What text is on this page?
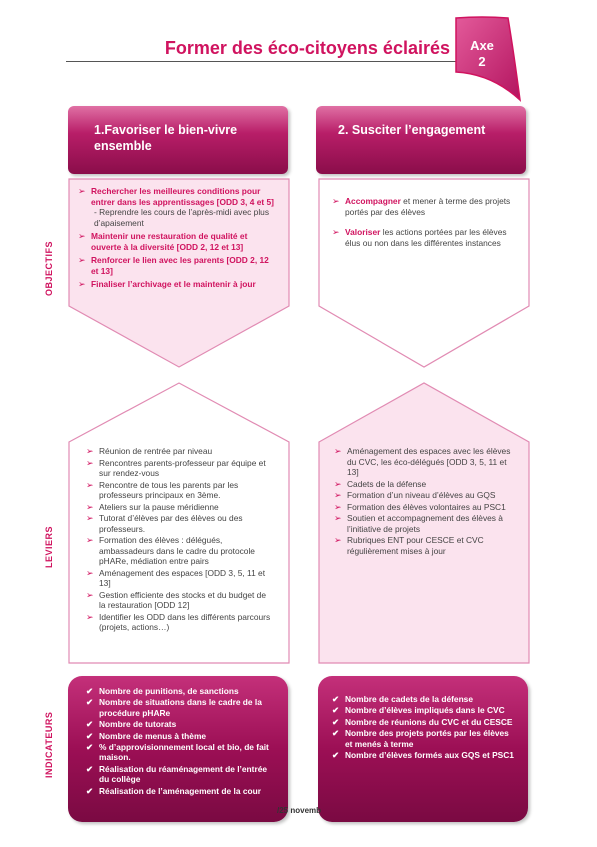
Former des éco-citoyens éclairés	Axe
2
1.Favoriser le bien-vivre ensemble
2. Susciter l’engagement
OBJECTIFS
LEVIERS
INDICATEURS
➢ Rechercher les meilleures conditions pour entrer dans les apprentissages [ODD 3, 4 et 5]
- Reprendre les cours de l’après-midi avec plus d’apaisement
➢ Maintenir une restauration de qualité et ouverte à la diversité [ODD 2, 12 et 13]
➢ Renforcer le lien avec les parents [ODD 2, 12 et 13]
➢ Finaliser l’archivage et le maintenir à jour
➢ Accompagner et mener à terme des projets portés par des élèves
➢ Valoriser les actions portées par les élèves élus ou non dans les différentes instances
➢ Réunion de rentrée par niveau
➢ Rencontres parents-professeur par équipe et sur rendez-vous
➢ Rencontre de tous les parents par les professeurs principaux en 3ème.
➢ Ateliers sur la pause méridienne
➢ Tutorat d’élèves par des élèves ou des professeurs.
➢ Formation des élèves : délégués, ambassadeurs dans le cadre du protocole pHARe, médiation entre pairs
➢ Aménagement des espaces [ODD 3, 5, 11 et 13]
➢ Gestion efficiente des stocks et du budget de la restauration [ODD 12]
➢ Identifier les ODD dans les différents parcours (projets, actions…)
➢ Aménagement des espaces avec les élèves du CVC, les éco-délégués [ODD 3, 5, 11 et 13]
➢ Cadets de la défense
➢ Formation d’un niveau d’élèves au GQS
➢ Formation des élèves volontaires au PSC1
➢ Soutien et accompagnement des élèves à l’initiative de projets
➢ Rubriques ENT pour CESCE et CVC régulièrement mises à jour
✔ Nombre de punitions, de sanctions
✔ Nombre de situations dans le cadre de la procédure pHARe
✔ Nombre de tutorats
✔ Nombre de menus à thème
✔ % d’approvisionnement local et bio, de fait maison.
✔ Réalisation du réaménagement de l’entrée du collège
✔ Réalisation de l’aménagement de la cour
✔ Nombre de cadets de la défense
✔ Nombre d’élèves impliqués dans le CVC
✔ Nombre de réunions du CVC et du CESCE
✔ Nombre des projets portés par les élèves et menés à terme
✔ Nombre d’élèves formés aux GQS et PSC1
/25 novemb
